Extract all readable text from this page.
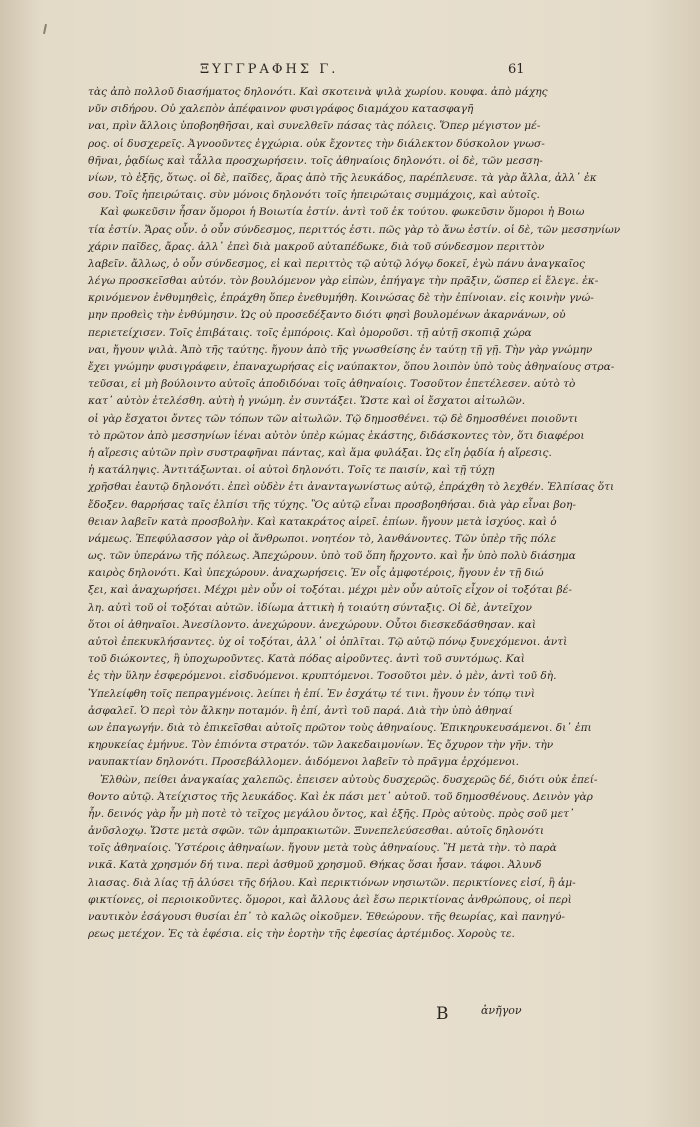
ΞΥΓΓΡΑΦΗΣ Γ.	61
τὰς ἀπὸ πολλοῦ διασήματος δηλονότι. Καὶ σκοτεινὰ ψιλὰ χωρίου. κουφα. ἀπὸ μάχης
νῦν σιδήρου. Οὐ χαλεπὸν ἀπέφαινον φυσιγράφος διαμάχου κατασφαγῆ
ναι, πρὶν ἄλλοις ὑποβοηθῆσαι, καὶ συνελθεῖν πάσας τὰς πόλεις. Ὅπερ μέγιστον μέ-
ρος. οἱ δυσχερεῖς. Ἀγνοοῦντες ἐγχώρια. οὐκ ἔχοντες τὴν διάλεκτον δύσκολον γνωσ-
θῆναι, ῥᾳδίως καὶ τἆλλα προσχωρήσειν. τοῖς ἀθηναίοις δηλονότι. οἱ δὲ, τῶν μεσση-
νίων, τὸ ἑξῆς, ὅτως. οἱ δὲ, παῖδες, ἄρας ἀπὸ τῆς λευκάδος, παρέπλευσε. τὰ γὰρ ἄλλα, ἀλλ᾽ ἐκ
σου. Τοῖς ἠπειρώταις. σὺν μόνοις δηλονότι τοῖς ἠπειρώταις συμμάχοις, καὶ αὐτοῖς.
Καὶ φωκεῦσιν ἦσαν ὅμοροι ἡ Βοιωτία ἐστίν. ἀντὶ τοῦ ἐκ τούτου. φωκεῦσιν ὅμοροι ἡ Βοιω
τία ἐστίν. Ἄρας οὖν. ὁ οὖν σύνδεσμος, περιττός ἐστι. πῶς γὰρ τὸ ἄνω ἐστίν. οἱ δὲ, τῶν μεσσηνίων
χάριν παῖδες, ἄρας. ἀλλ᾽ ἐπεὶ διὰ μακροῦ αὐταπέδωκε, διὰ τοῦ σύνδεσμον περιττὸν
λαβεῖν. ἄλλως, ὁ οὖν σύνδεσμος, εἰ καὶ περιττὸς τῷ αὐτῷ λόγῳ δοκεῖ, ἐγὼ πάνυ ἀναγκαῖος
λέγω προσκεῖσθαι αὐτόν. τὸν βουλόμενον γὰρ εἰπὼν, ἐπήγαγε τὴν πρᾶξιν, ὥσπερ εἰ ἔλεγε. ἐκ-
κρινόμενον ἐνθυμηθεὶς, ἐπράχθη ὅπερ ἐνεθυμήθη. Κοινώσας δὲ τὴν ἐπίνοιαν. εἰς κοινὴν γνώ-
μην προθεὶς τὴν ἐνθύμησιν. Ὡς οὐ προσεδέξαντο διότι φησὶ βουλομένων ἀκαρνάνων, οὐ
περιετείχισεν. Τοῖς ἐπιβάταις. τοῖς ἐμπόροις. Καὶ ὁμοροῦσι. τῇ αὐτῇ σκοπιᾷ χώρα
ναι, ἤγουν ψιλὰ. Ἀπὸ τῆς ταύτης. ἤγουν ἀπὸ τῆς γνωσθείσης ἐν ταύτῃ τῇ γῇ. Τὴν γὰρ γνώμην
ἔχει γνώμην φυσιγράφειν, ἐπαναχωρήσας εἰς ναύπακτον, ὅπου λοιπὸν ὑπὸ τοὺς ἀθηναίους στρα-
τεῦσαι, εἰ μὴ βούλοιντο αὐτοῖς ἀποδιδόναι τοῖς ἀθηναίοις. Τοσοῦτον ἐπετέλεσεν. αὐτὸ τὸ
κατ᾽ αὐτὸν ἐτελέσθη. αὐτὴ ἡ γνώμη. ἐν συντάξει. Ὥστε καὶ οἱ ἔσχατοι αἰτωλῶν.
οἱ γὰρ ἔσχατοι ὄντες τῶν τόπων τῶν αἰτωλῶν. Τῷ δημοσθένει. τῷ δὲ δημοσθένει ποιοῦντι
τὸ πρῶτον ἀπὸ μεσσηνίων ἰέναι αὐτὸν ὑπὲρ κώμας ἑκάστης, διδάσκοντες τὸν, ὅτι διαφέροι
ἡ αἵρεσις αὐτῶν πρὶν συστραφῆναι πάντας, καὶ ἅμα φυλάξαι. Ὡς εἴη ῥᾳδία ἡ αἵρεσις.
ἡ κατάληψις. Ἀντιτάξωνται. οἱ αὐτοὶ δηλονότι. Τοῖς τε παισίν, καὶ τῇ τύχῃ
χρῆσθαι ἑαυτῷ δηλονότι. ἐπεὶ οὐδὲν ἐτι ἀνανταγωνίστως αὐτῷ, ἐπράχθη τὸ λεχθέν. Ἐλπίσας ὅτι
ἔδοξεν. θαρρήσας ταῖς ἐλπίσι τῆς τύχης. Ὃς αὐτῷ εἶναι προσβοηθήσαι. διὰ γὰρ εἶναι βοη-
θειαν λαβεῖν κατὰ προσβολὴν. Καὶ κατακράτος αἱρεῖ. ἐπίων. ἤγουν μετὰ ἰσχύος. καὶ ὁ
νάμεως. Ἐπεφύλασσον γὰρ οἱ ἄνθρωποι. νοητέον τὸ, λανθάνοντες. Τῶν ὑπὲρ τῆς πόλε
ως. τῶν ὑπεράνω τῆς πόλεως. Ἀπεχώρουν. ὑπὸ τοῦ ὅπη ἤρχοντο. καὶ ἦν ὑπὸ πολὺ διάσημα
καιρὸς δηλονότι. Καὶ ὑπεχώρουν. ἀναχωρήσεις. Ἐν οἷς ἀμφοτέροις, ἤγουν ἐν τῇ διώ
ξει, καὶ ἀναχωρήσει. Μέχρι μὲν οὖν οἱ τοξόται. μέχρι μὲν οὖν αὐτοῖς εἶχον οἱ τοξόται βέ-
λη. αὐτὶ τοῦ οἱ τοξόται αὐτῶν. ἰδίωμα ἀττικὴ ἡ τοιαύτη σύνταξις. Οἱ δὲ, ἀντεῖχον
ὅτοι οἱ ἀθηναῖοι. Ἀνεσίλοντο. ἀνεχώρουν. ἀνεχώρουν. Οὗτοι διεσκεδάσθησαν. καὶ
αὐτοὶ ἐπεκυκλήσαντες. ὑχ οἱ τοξόται, ἀλλ᾽ οἱ ὁπλῖται. Τῷ αὐτῷ πόνῳ ξυνεχόμενοι. ἀντὶ
τοῦ διώκοντες, ἢ ὑποχωροῦντες. Κατὰ πόδας αἱροῦντες. ἀντὶ τοῦ συντόμως. Καὶ
ἐς τὴν ὕλην ἐσφερόμενοι. εἰσδυόμενοι. κρυπτόμενοι. Τοσοῦτοι μὲν. ὁ μὲν, ἀντὶ τοῦ δὴ.
Ὑπελείφθη τοῖς πεπραγμένοις. λείπει ἡ ἐπί. Ἐν ἐσχάτῳ τέ τινι. ἤγουν ἐν τόπῳ τινὶ
ἀσφαλεῖ. Ὁ περὶ τὸν ἄλκην ποταμόν. ἢ ἐπί, ἀντὶ τοῦ παρά. Διὰ τὴν ὑπὸ ἀθηναί
ων ἐπαγωγήν. διὰ τὸ ἐπικεῖσθαι αὐτοῖς πρῶτον τοὺς ἀθηναίους. Ἐπικηρυκευσάμενοι. δι᾽ ἐπι
κηρυκείας ἐμήνυε. Τὸν ἐπιόντα στρατόν. τῶν λακεδαιμονίων. Ἐς ὄχυρον τὴν γῆν. τὴν
ναυπακτίαν δηλονότι. Προσεβάλλομεν. ἀιδόμενοι λαβεῖν τὸ πρᾶγμα ἐρχόμενοι.
Ἐλθὼν, πείθει ἀναγκαίας χαλεπῶς. ἐπεισεν αὐτοὺς δυσχερῶς. δυσχερῶς δέ, διότι οὐκ ἐπεί-
θοντο αὐτῷ. Ἀτείχιστος τῆς λευκάδος. Καὶ ἐκ πάσι μετ᾽ αὐτοῦ. τοῦ δημοσθένους. Δεινὸν γὰρ
ἦν. δεινός γὰρ ἦν μὴ ποτὲ τὸ τεῖχος μεγάλου ὄντος, καὶ ἐξῆς. Πρὸς αὐτοὺς. πρὸς σοῦ μετ᾽
ἀνῦσλοχῳ. Ὥστε μετὰ σφῶν. τῶν ἀμπρακιωτῶν. Ξυνεπελεύσεσθαι. αὐτοῖς δηλονότι
τοῖς ἀθηναίοις. Ὑστέροις ἀθηναίων. ἤγουν μετὰ τοὺς ἀθηναίους. Ἢ μετὰ τὴν. τὸ παρὰ
νικᾶ. Κατὰ χρησμόν δή τινα. περὶ ἀσθμοῦ χρησμοῦ. Θήκας ὅσαι ἦσαν. τάφοι. Ἀλυνδ
λιασας. διὰ λίας τῇ ἀλύσει τῆς δήλου. Καὶ περικτιόνων νησιωτῶν. περικτίονες εἰσί, ἢ ἀμ-
φικτίονες, οἱ περιοικοῦντες. ὅμοροι, καὶ ἄλλους ἀεὶ ἔσω περικτίονας ἀνθρώπους, οἱ περὶ
ναυτικὸν ἐσάγουσι θυσίαι ἐπ᾽ τὸ καλῶς οἰκοῦμεν. Ἐθεώρουν. τῆς θεωρίας, καὶ πανηγύ-
ρεως μετέχον. Ἐς τὰ ἐφέσια. εἰς τὴν ἑορτὴν τῆς ἐφεσίας ἀρτέμιδος. Χοροὺς τε.
B	ἀνῆγον
